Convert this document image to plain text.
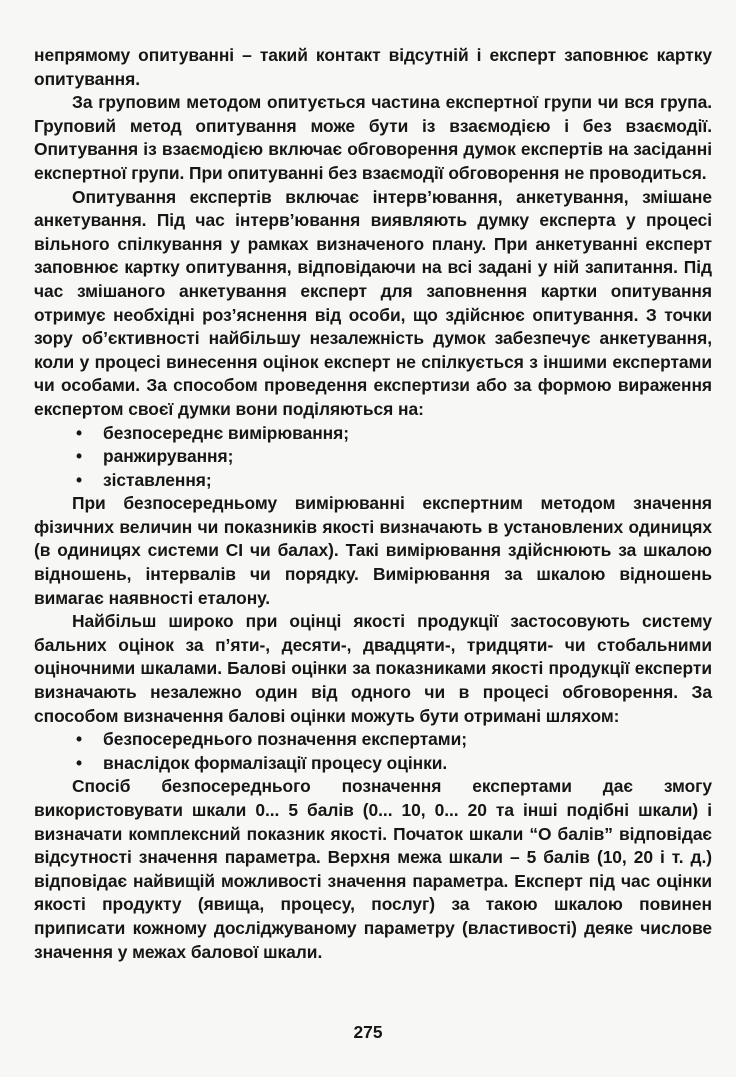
непрямому опитуванні – такий контакт відсутній і експерт заповнює картку опитування.

За груповим методом опитується частина експертної групи чи вся група. Груповий метод опитування може бути із взаємодією і без взаємодії. Опитування із взаємодією включає обговорення думок експертів на засіданні експертної групи. При опитуванні без взаємодії обговорення не проводиться.

Опитування експертів включає інтерв’ювання, анкетування, змішане анкетування. Під час інтерв’ювання виявляють думку експерта у процесі вільного спілкування у рамках визначеного плану. При анкетуванні експерт заповнює картку опитування, відповідаючи на всі задані у ній запитання. Під час змішаного анкетування експерт для заповнення картки опитування отримує необхідні роз’яснення від особи, що здійснює опитування. З точки зору об’єктивності найбільшу незалежність думок забезпечує анкетування, коли у процесі винесення оцінок експерт не спілкується з іншими експертами чи особами. За способом проведення експертизи або за формою вираження експертом своєї думки вони поділяються на:

• безпосереднє вимірювання;
• ранжирування;
• зіставлення;

При безпосередньому вимірюванні експертним методом значення фізичних величин чи показників якості визначають в установлених одиницях (в одиницях системи СІ чи балах). Такі вимірювання здійснюють за шкалою відношень, інтервалів чи порядку. Вимірювання за шкалою відношень вимагає наявності еталону.

Найбільш широко при оцінці якості продукції застосовують систему бальних оцінок за п’яти-, десяти-, двадцяти-, тридцяти- чи стобальними оціночними шкалами. Балові оцінки за показниками якості продукції експерти визначають незалежно один від одного чи в процесі обговорення. За способом визначення балові оцінки можуть бути отримані шляхом:

• безпосереднього позначення експертами;
• внаслідок формалізації процесу оцінки.

Спосіб безпосереднього позначення експертами дає змогу використовувати шкали 0... 5 балів (0... 10, 0... 20 та інші подібні шкали) і визначати комплексний показник якості. Початок шкали “О балів” відповідає відсутності значення параметра. Верхня межа шкали – 5 балів (10, 20 і т. д.) відповідає найвищій можливості значення параметра. Експерт під час оцінки якості продукту (явища, процесу, послуг) за такою шкалою повинен приписати кожному досліджуваному параметру (властивості) деяке числове значення у межах балової шкали.

275
